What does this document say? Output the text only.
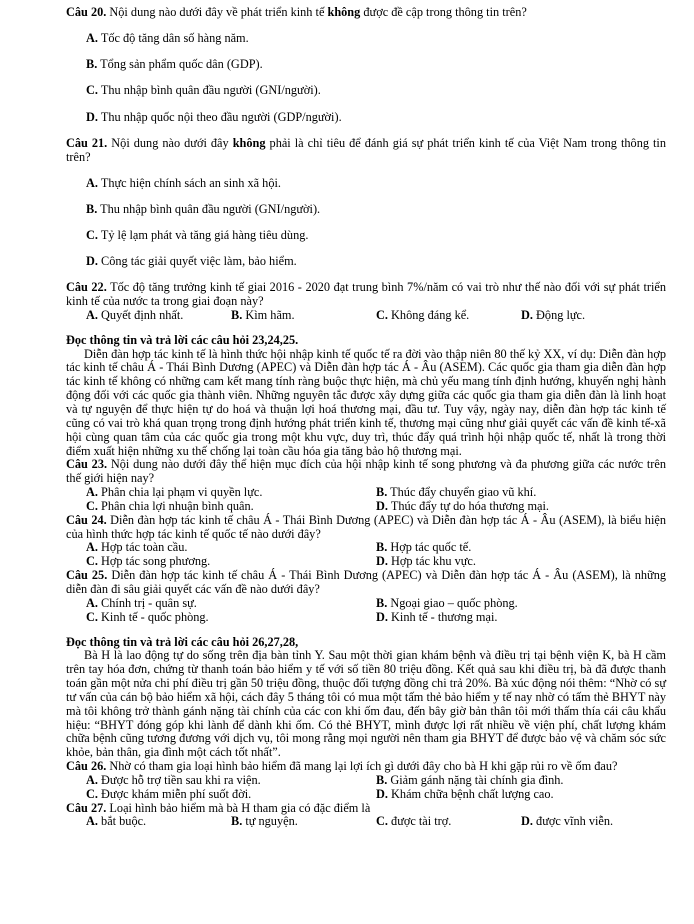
Câu 20. Nội dung nào dưới đây về phát triển kinh tế không được đề cập trong thông tin trên?

A. Tốc độ tăng dân số hàng năm.

B. Tổng sản phẩm quốc dân (GDP).

C. Thu nhập bình quân đầu người (GNI/người).

D. Thu nhập quốc nội theo đầu người (GDP/người).

Câu 21. Nội dung nào dưới đây không phải là chỉ tiêu để đánh giá sự phát triển kinh tế của Việt Nam trong thông tin trên?

A. Thực hiện chính sách an sinh xã hội.

B. Thu nhập bình quân đầu người (GNI/người).

C. Tỷ lệ lạm phát và tăng giá hàng tiêu dùng.

D. Công tác giải quyết việc làm, bảo hiểm.

Câu 22. Tốc độ tăng trưởng kinh tế giai 2016 - 2020 đạt trung bình 7%/năm có vai trò như thế nào đối với sự phát triển kinh tế của nước ta trong giai đoạn này?

A. Quyết định nhất.	B. Kìm hãm.	C. Không đáng kể.	D. Động lực.

Đọc thông tin và trả lời các câu hỏi 23,24,25.

Diễn đàn hợp tác kinh tế là hình thức hội nhập kinh tế quốc tế ra đời vào thập niên 80 thế kỷ XX, ví dụ: Diễn đàn hợp tác kinh tế châu Á - Thái Bình Dương (APEC) và Diễn đàn hợp tác Á - Âu (ASEM). Các quốc gia tham gia diễn đàn hợp tác kinh tế không có những cam kết mang tính ràng buộc thực hiện, mà chủ yếu mang tính định hướng, khuyến nghị hành động đối với các quốc gia thành viên. Những nguyên tắc được xây dựng giữa các quốc gia tham gia diễn đàn là linh hoạt và tự nguyện để thực hiện tự do hoá và thuận lợi hoá thương mại, đầu tư. Tuy vậy, ngày nay, diễn đàn hợp tác kinh tế cũng có vai trò khá quan trọng trong định hướng phát triển kinh tế, thương mại cũng như giải quyết các vấn đề kinh tế-xã hội cùng quan tâm của các quốc gia trong một khu vực, duy trì, thúc đẩy quá trình hội nhập quốc tế, nhất là trong thời điểm xuất hiện những xu thế chống lại toàn cầu hóa gia tăng bảo hộ thương mại.

Câu 23. Nội dung nào dưới đây thể hiện mục đích của hội nhập kinh tế song phương và đa phương giữa các nước trên thế giới hiện nay?

A. Phân chia lại phạm vi quyền lực.	B. Thúc đẩy chuyển giao vũ khí.

C. Phân chia lợi nhuận bình quân.	D. Thúc đẩy tự do hóa thương mại.

Câu 24. Diễn đàn hợp tác kinh tế châu Á - Thái Bình Dương (APEC) và Diễn đàn hợp tác Á - Âu (ASEM), là biểu hiện của hình thức hợp tác kinh tế quốc tế nào dưới đây?

A. Hợp tác toàn cầu.	B. Hợp tác quốc tế.

C. Hợp tác song phương.	D. Hợp tác khu vực.

Câu 25. Diễn đàn hợp tác kinh tế châu Á - Thái Bình Dương (APEC) và Diễn đàn hợp tác Á - Âu (ASEM), là những diễn đàn đi sâu giải quyết các vấn đề nào dưới đây?

A. Chính trị - quân sự.	B. Ngoại giao – quốc phòng.

C. Kinh tế - quốc phòng.	D. Kinh tế - thương mại.

Đọc thông tin và trả lời các câu hỏi 26,27,28,

Bà H là lao động tự do sống trên địa bàn tỉnh Y. Sau một thời gian khám bệnh và điều trị tại bệnh viện K, bà H cầm trên tay hóa đơn, chứng từ thanh toán bảo hiểm y tế với số tiền 80 triệu đồng. Kết quả sau khi điều trị, bà đã được thanh toán gần một nửa chi phí điều trị gần 50 triệu đồng, thuộc đối tượng đồng chi trả 20%. Bà xúc động nói thêm: “Nhờ có sự tư vấn của cán bộ bảo hiểm xã hội, cách đây 5 tháng tôi có mua một tấm thẻ bảo hiểm y tế nay nhờ có tấm thẻ BHYT này mà tôi không trở thành gánh nặng tài chính của các con khi ốm đau, đến bây giờ bản thân tôi mới thấm thía cái câu khẩu hiệu: “BHYT đóng góp khi lành để dành khi ốm. Có thẻ BHYT, mình được lợi rất nhiều về viện phí, chất lượng khám chữa bệnh cũng tương đương với dịch vụ, tôi mong rằng mọi người nên tham gia BHYT để được bảo vệ và chăm sóc sức khỏe, bản thân, gia đình một cách tốt nhất”.

Câu 26. Nhờ có tham gia loại hình bảo hiểm đã mang lại lợi ích gì dưới đây cho bà H khi gặp rủi ro về ốm đau?

A. Được hỗ trợ tiền sau khi ra viện.	B. Giảm gánh nặng tài chính gia đình.

C. Được khám miễn phí suốt đời.	D. Khám chữa bệnh chất lượng cao.

Câu 27. Loại hình bảo hiểm mà bà H tham gia có đặc điểm là

A. bắt buộc.	B. tự nguyện.	C. được tài trợ.	D. được vĩnh viễn.
